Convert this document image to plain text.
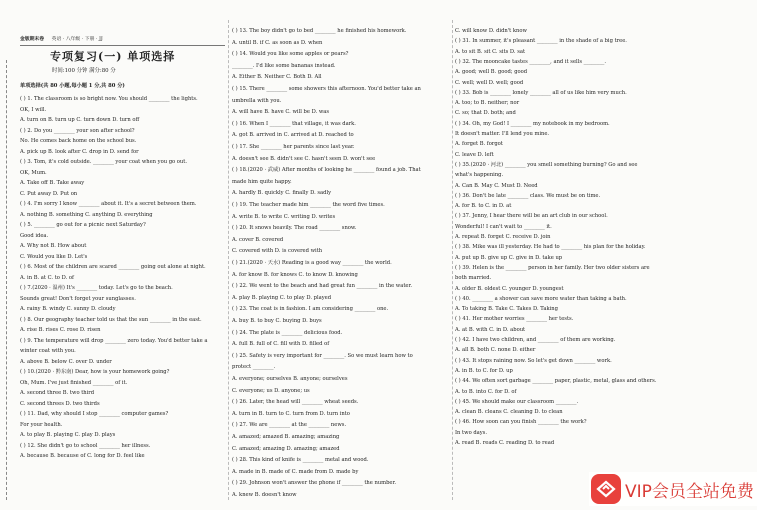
金版期末卷 英语 · 八年级 · 下册 · JJ
专项复习(一) 单项选择
时间:100 分钟 满分:80 分
单项选择(共 80 小题,每小题 1 分,共 80 分)
( ) 1. The classroom is so bright now. You should ________ the lights.
OK, I will.
A. turn on B. turn up C. turn down D. turn off
( ) 2. Do you ________ your son after school?
No. He comes back home on the school bus.
A. pick up B. look after C. drop in D. send for
( ) 3. Tom, it's cold outside. ________ your coat when you go out.
OK, Mum.
A. Take off B. Take away
C. Put away D. Put on
( ) 4. I'm sorry I know ________ about it. It's a secret between them.
A. nothing B. something C. anything D. everything
( ) 5. ________ go out for a picnic next Saturday?
Good idea.
A. Why not B. How about
C. Would you like D. Let's
( ) 6. Most of the children are scared ________ going out alone at night.
A. in B. at C. to D. of
( ) 7.(2020 · 温州) It's ________ today. Let's go to the beach.
Sounds great! Don't forget your sunglasses.
A. rainy B. windy C. sunny D. cloudy
( ) 8. Our geography teacher told us that the sun ________ in the east.
A. rise B. rises C. rose D. risen
( ) 9. The temperature will drop ________ zero today. You'd better take a
winter coat with you.
A. above B. below C. over D. under
( ) 10.(2020 · 黔东南) Dear, how is your homework going?
Oh, Mum. I've just finished ________ of it.
A. second three B. two third
C. second threes D. two thirds
( ) 11. Dad, why should I stop ________ computer games?
For your health.
A. to play B. playing C. play D. plays
( ) 12. She didn't go to school ________ her illness.
A. because B. because of C. long for D. feel like
( ) 13. The boy didn't go to bed ________ he finished his homework.
A. until B. if C. as soon as D. when
( ) 14. Would you like some apples or pears?
________. I'd like some bananas instead.
A. Either B. Neither C. Both D. All
( ) 15. There ________ some showers this afternoon. You'd better take an
umbrella with you.
A. will have B. have C. will be D. was
( ) 16. When I ________ that village, it was dark.
A. got B. arrived in C. arrived at D. reached to
( ) 17. She ________ her parents since last year.
A. doesn't see B. didn't see C. hasn't seen D. won't see
( ) 18.(2020 · 武威) After months of looking he ________ found a job. That
made him quite happy.
A. hardly B. quickly C. finally D. sadly
( ) 19. The teacher made him ________ the word five times.
A. write B. to write C. writing D. writes
( ) 20. It snows heavily. The road ________ snow.
A. cover B. covered
C. covered with D. is covered with
( ) 21.(2020 · 天水) Reading is a good way ________ the world.
A. for know B. for knows C. to know D. knowing
( ) 22. We went to the beach and had great fun ________ in the water.
A. play B. playing C. to play D. played
( ) 23. The coat is in fashion. I am considering ________ one.
A. buy B. to buy C. buying D. buys
( ) 24. The plate is ________ delicious food.
A. full B. full of C. fill with D. filled of
( ) 25. Safety is very important for ________. So we must learn how to
protect ________.
A. everyone; ourselves B. anyone; ourselves
C. everyone; us D. anyone; us
( ) 26. Later, the head will ________ wheat seeds.
A. turn in B. turn to C. turn from D. turn into
( ) 27. We are ________ at the ________ news.
A. amazed; amazed B. amazing; amazing
C. amazed; amazing D. amazing; amazed
( ) 28. This kind of knife is ________ metal and wood.
A. made in B. made of C. made from D. made by
( ) 29. Johnson won't answer the phone if ________ the number.
A. knew B. doesn't know
C. will know D. didn't know
( ) 31. In summer, it's pleasant ________ in the shade of a big tree.
A. to sit B. sit C. sits D. sat
( ) 32. The mooncake tastes ________, and it sells ________.
A. good; well B. good; good
C. well; well D. well; good
( ) 33. Bob is ________ lonely ________ all of us like him very much.
A. too; to B. neither; nor
C. so; that D. both; and
( ) 34. Oh, my God! I ________ my notebook in my bedroom.
It doesn't matter. I'll lend you mine.
A. forget B. forgot
C. leave D. left
( ) 35.(2020 · 河北) ________ you smell something burning? Go and see
what's happening.
A. Can B. May C. Must D. Need
( ) 36. Don't be late ________ class. We must be on time.
A. for B. to C. in D. at
( ) 37. Jenny, I hear there will be an art club in our school.
Wonderful! I can't wait to ________ it.
A. repeat B. forget C. receive D. join
( ) 38. Mike was ill yesterday. He had to ________ his plan for the holiday.
A. put up B. give up C. give in D. take up
( ) 39. Helen is the ________ person in her family. Her two older sisters are
both married.
A. older B. oldest C. younger D. youngest
( ) 40. ________ a shower can save more water than taking a bath.
A. To taking B. Take C. Takes D. Taking
( ) 41. Her mother worries ________ her tests.
A. at B. with C. in D. about
( ) 42. I have two children, and ________ of them are working.
A. all B. both C. none D. either
( ) 43. It stops raining now. So let's get down ________ work.
A. in B. to C. for D. up
( ) 44. We often sort garbage ________ paper, plastic, metal, glass and others.
A. to B. into C. for D. of
( ) 45. We should make our classroom ________.
A. clean B. cleans C. cleaning D. to clean
( ) 46. How soon can you finish ________ the work?
In two days.
A. read B. reads C. reading D. to read
VIP会员全站免费
